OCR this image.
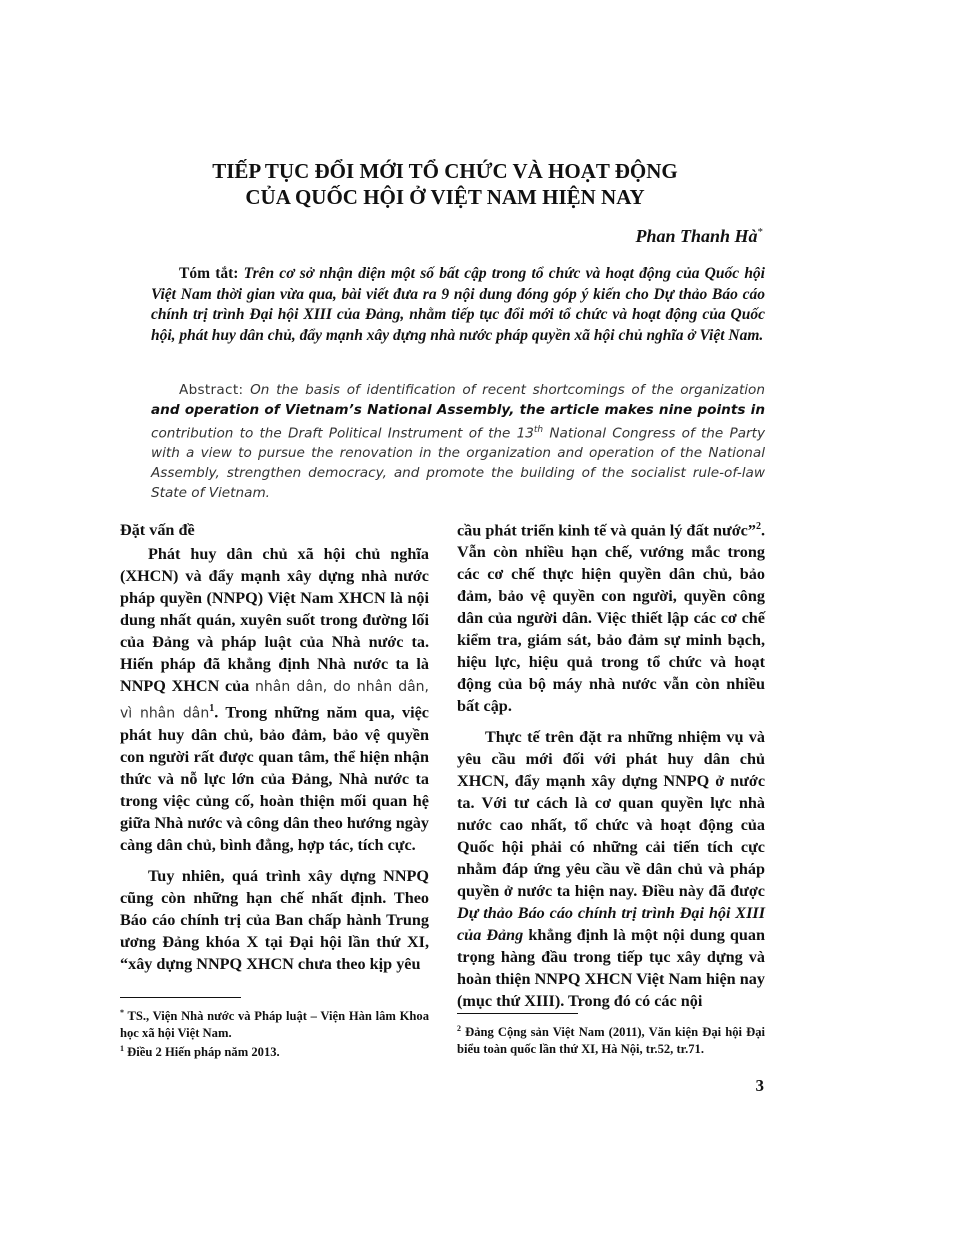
TIẾP TỤC ĐỔI MỚI TỔ CHỨC VÀ HOẠT ĐỘNG
CỦA QUỐC HỘI Ở VIỆT NAM HIỆN NAY
Phan Thanh Hà*
Tóm tắt: Trên cơ sở nhận diện một số bất cập trong tổ chức và hoạt động của Quốc hội Việt Nam thời gian vừa qua, bài viết đưa ra 9 nội dung đóng góp ý kiến cho Dự thảo Báo cáo chính trị trình Đại hội XIII của Đảng, nhằm tiếp tục đổi mới tổ chức và hoạt động của Quốc hội, phát huy dân chủ, đẩy mạnh xây dựng nhà nước pháp quyền xã hội chủ nghĩa ở Việt Nam.
Abstract: On the basis of identification of recent shortcomings of the organization and operation of Vietnam’s National Assembly, the article makes nine points in contribution to the Draft Political Instrument of the 13th National Congress of the Party with a view to pursue the renovation in the organization and operation of the National Assembly, strengthen democracy, and promote the building of the socialist rule-of-law State of Vietnam.
Đặt vấn đề

Phát huy dân chủ xã hội chủ nghĩa (XHCN) và đẩy mạnh xây dựng nhà nước pháp quyền (NNPQ) Việt Nam XHCN là nội dung nhất quán, xuyên suốt trong đường lối của Đảng và pháp luật của Nhà nước ta. Hiến pháp đã khẳng định Nhà nước ta là NNPQ XHCN của nhân dân, do nhân dân, vì nhân dân$^1$. Trong những năm qua, việc phát huy dân chủ, bảo đảm, bảo vệ quyền con người rất được quan tâm, thể hiện nhận thức và nỗ lực lớn của Đảng, Nhà nước ta trong việc củng cố, hoàn thiện mối quan hệ giữa Nhà nước và công dân theo hướng ngày càng dân chủ, bình đẳng, hợp tác, tích cực.

Tuy nhiên, quá trình xây dựng NNPQ cũng còn những hạn chế nhất định. Theo Báo cáo chính trị của Ban chấp hành Trung ương Đảng khóa X tại Đại hội lần thứ XI, “xây dựng NNPQ XHCN chưa theo kịp yêu

cầu phát triển kinh tế và quản lý đất nước”$^2$. Vẫn còn nhiều hạn chế, vướng mắc trong các cơ chế thực hiện quyền dân chủ, bảo đảm, bảo vệ quyền con người, quyền công dân của người dân. Việc thiết lập các cơ chế kiểm tra, giám sát, bảo đảm sự minh bạch, hiệu lực, hiệu quả trong tổ chức và hoạt động của bộ máy nhà nước vẫn còn nhiều bất cập.

Thực tế trên đặt ra những nhiệm vụ và yêu cầu mới đối với phát huy dân chủ XHCN, đẩy mạnh xây dựng NNPQ ở nước ta. Với tư cách là cơ quan quyền lực nhà nước cao nhất, tổ chức và hoạt động của Quốc hội phải có những cải tiến tích cực nhằm đáp ứng yêu cầu về dân chủ và pháp quyền ở nước ta hiện nay. Điều này đã được Dự thảo Báo cáo chính trị trình Đại hội XIII của Đảng khẳng định là một nội dung quan trọng hàng đầu trong tiếp tục xây dựng và hoàn thiện NNPQ XHCN Việt Nam hiện nay (mục thứ XIII). Trong đó có các nội

* TS., Viện Nhà nước và Pháp luật – Viện Hàn lâm Khoa học xã hội Việt Nam.
$^1$ Điều 2 Hiến pháp năm 2013.
$^2$ Đảng Cộng sản Việt Nam (2011), Văn kiện Đại hội Đại biểu toàn quốc lần thứ XI, Hà Nội, tr.52, tr.71.
3
